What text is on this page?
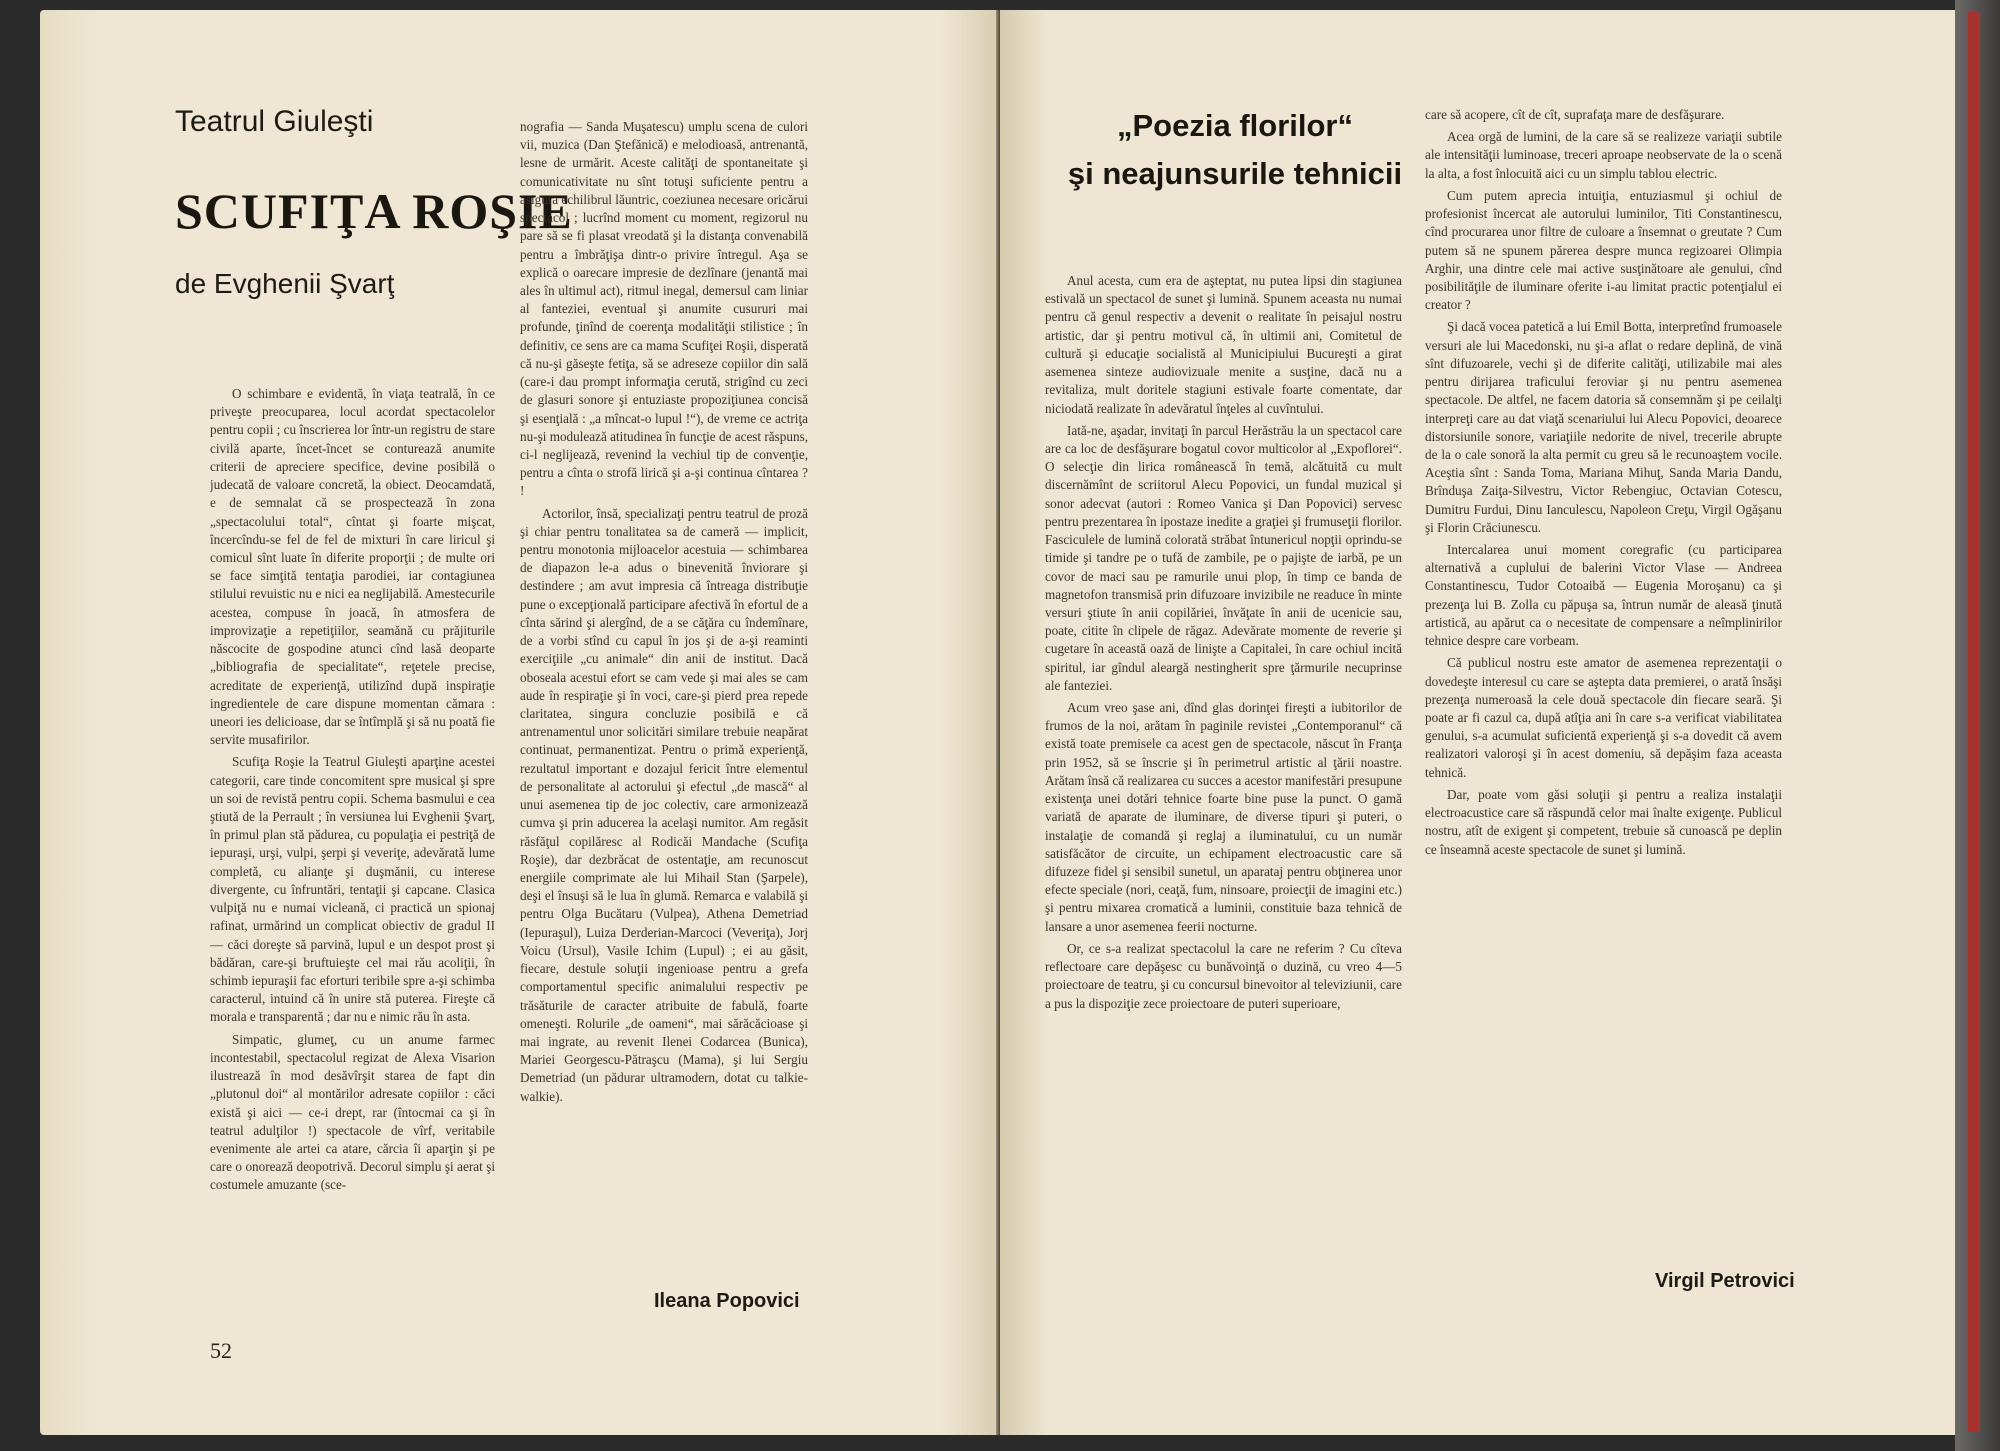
Teatrul Giuleşti
SCUFIŢA ROŞIE
de Evghenii Şvarţ

O schimbare e evidentă, în viaţa teatrală, în ce priveşte preocuparea, locul acordat spectacolelor pentru copii ; cu înscrierea lor într-un registru de stare civilă aparte, încet-încet se conturează anumite criterii de apreciere specifice, devine posibilă o judecată de valoare concretă, la obiect. Deocamdată, e de semnalat că se prospectează în zona „spectacolului total“, cîntat şi foarte mişcat, încercîndu-se fel de fel de mixturi în care liricul şi comicul sînt luate în diferite proporţii ; de multe ori se face simţită tentaţia parodiei, iar contagiunea stilului revuistic nu e nici ea neglijabilă. Amestecurile acestea, compuse în joacă, în atmosfera de improvizaţie a repetiţiilor, seamănă cu prăjiturile născocite de gospodine atunci cînd lasă deoparte „bibliografia de specialitate“, reţetele precise, acreditate de experienţă, utilizînd după inspiraţie ingredientele de care dispune momentan cămara : uneori ies delicioase, dar se întîmplă şi să nu poată fie servite musafirilor.

Scufiţa Roşie la Teatrul Giuleşti aparţine acestei categorii, care tinde concomitent spre musical şi spre un soi de revistă pentru copii. Schema basmului e cea ştiută de la Perrault ; în versiunea lui Evghenii Şvarţ, în primul plan stă pădurea, cu populaţia ei pestriţă de iepuraşi, urşi, vulpi, şerpi şi veveriţe, adevărată lume completă, cu alianţe şi duşmănii, cu interese divergente, cu înfruntări, tentaţii şi capcane. Clasica vulpiţă nu e numai vicleană, ci practică un spionaj rafinat, urmărind un complicat obiectiv de gradul II — căci doreşte să parvină, lupul e un despot prost şi bădăran, care-şi bruftuieşte cel mai rău acoliţii, în schimb iepuraşii fac eforturi teribile spre a-şi schimba caracterul, intuind că în unire stă puterea. Fireşte că morala e transparentă ; dar nu e nimic rău în asta.

Simpatic, glumeţ, cu un anume farmec incontestabil, spectacolul regizat de Alexa Visarion ilustrează în mod desăvîrşit starea de fapt din „plutonul doi“ al montărilor adresate copiilor : căci există şi aici — ce-i drept, rar (întocmai ca şi în teatrul adulţilor !) spectacole de vîrf, veritabile evenimente ale artei ca atare, cărcia îi aparţin şi pe care o onorează deopotrivă. Decorul simplu şi aerat şi costumele amuzante (sce-

nografia — Sanda Muşatescu) umplu scena de culori vii, muzica (Dan Ştefănică) e melodioasă, antrenantă, lesne de urmărit. Aceste calităţi de spontaneitate şi comunicativitate nu sînt totuşi suficiente pentru a asigura echilibrul lăuntric, coeziunea necesare oricărui spectacol ; lucrînd moment cu moment, regizorul nu pare să se fi plasat vreodată şi la distanţa convenabilă pentru a îmbrăţişa dintr-o privire întregul. Aşa se explică o oarecare impresie de dezlînare (jenantă mai ales în ultimul act), ritmul inegal, demersul cam liniar al fanteziei, eventual şi anumite cusururi mai profunde, ţinînd de coerenţa modalităţii stilistice ; în definitiv, ce sens are ca mama Scufiţei Roşii, disperată că nu-şi găseşte fetiţa, să se adreseze copiilor din sală (care-i dau prompt informaţia cerută, strigînd cu zeci de glasuri sonore şi entuziaste propoziţiunea concisă şi esenţială : „a mîncat-o lupul !“), de vreme ce actriţa nu-şi modulează atitudinea în funcţie de acest răspuns, ci-l neglijează, revenind la vechiul tip de convenţie, pentru a cînta o strofă lirică şi a-şi continua cîntarea ? !

Actorilor, însă, specializaţi pentru teatrul de proză şi chiar pentru tonalitatea sa de cameră — implicit, pentru monotonia mijloacelor acestuia — schimbarea de diapazon le-a adus o binevenită înviorare şi destindere ; am avut impresia că întreaga distribuţie pune o excepţională participare afectivă în efortul de a cînta sărind şi alergînd, de a se căţăra cu îndemînare, de a vorbi stînd cu capul în jos şi de a-şi reaminti exerciţiile „cu animale“ din anii de institut. Dacă oboseala acestui efort se cam vede şi mai ales se cam aude în respiraţie şi în voci, care-şi pierd prea repede claritatea, singura concluzie posibilă e că antrenamentul unor solicitări similare trebuie neapărat continuat, permanentizat. Pentru o primă experienţă, rezultatul important e dozajul fericit între elementul de personalitate al actorului şi efectul „de mască“ al unui asemenea tip de joc colectiv, care armonizează cumva şi prin aducerea la acelaşi numitor. Am regăsit răsfăţul copilăresc al Rodicăi Mandache (Scufiţa Roşie), dar dezbrăcat de ostentaţie, am recunoscut energiile comprimate ale lui Mihail Stan (Şarpele), deşi el însuşi să le lua în glumă. Remarca e valabilă şi pentru Olga Bucătaru (Vulpea), Athena Demetriad (Iepuraşul), Luiza Derderian-Marcoci (Veveriţa), Jorj Voicu (Ursul), Vasile Ichim (Lupul) ; ei au găsit, fiecare, destule soluţii ingenioase pentru a grefa comportamentul specific animalului respectiv pe trăsăturile de caracter atribuite de fabulă, foarte omeneşti. Rolurile „de oameni“, mai sărăcăcioase şi mai ingrate, au revenit Ilenei Codarcea (Bunica), Mariei Georgescu-Pătraşcu (Mama), şi lui Sergiu Demetriad (un pădurar ultramodern, dotat cu talkie-walkie).

Ileana Popovici
52
„Poezia florilor“
şi neajunsurile tehnicii

Anul acesta, cum era de aşteptat, nu putea lipsi din stagiunea estivală un spectacol de sunet şi lumină. Spunem aceasta nu numai pentru că genul respectiv a devenit o realitate în peisajul nostru artistic, dar şi pentru motivul că, în ultimii ani, Comitetul de cultură şi educaţie socialistă al Municipiului Bucureşti a girat asemenea sinteze audiovizuale menite a susţine, dacă nu a revitaliza, mult doritele stagiuni estivale foarte comentate, dar niciodată realizate în adevăratul înţeles al cuvîntului.

Iată-ne, aşadar, invitaţi în parcul Herăstrău la un spectacol care are ca loc de desfăşurare bogatul covor multicolor al „Expoflorei“. O selecţie din lirica românească în temă, alcătuită cu mult discernămînt de scriitorul Alecu Popovici, un fundal muzical şi sonor adecvat (autori : Romeo Vanica şi Dan Popovici) servesc pentru prezentarea în ipostaze inedite a graţiei şi frumuseţii florilor. Fasciculele de lumină colorată străbat întunericul nopţii oprindu-se timide şi tandre pe o tufă de zambile, pe o pajişte de iarbă, pe un covor de maci sau pe ramurile unui plop, în timp ce banda de magnetofon transmisă prin difuzoare invizibile ne readuce în minte versuri ştiute în anii copilăriei, învăţate în anii de ucenicie sau, poate, citite în clipele de răgaz. Adevărate momente de reverie şi cugetare în această oază de linişte a Capitalei, în care ochiul incită spiritul, iar gîndul aleargă nestingherit spre ţărmurile necuprinse ale fanteziei.

Acum vreo şase ani, dînd glas dorinţei fireşti a iubitorilor de frumos de la noi, arătam în paginile revistei „Contemporanul“ că există toate premisele ca acest gen de spectacole, născut în Franţa prin 1952, să se înscrie şi în perimetrul artistic al ţării noastre. Arătam însă că realizarea cu succes a acestor manifestări presupune existenţa unei dotări tehnice foarte bine puse la punct. O gamă variată de aparate de iluminare, de diverse tipuri şi puteri, o instalaţie de comandă şi reglaj a iluminatului, cu un număr satisfăcător de circuite, un echipament electroacustic care să difuzeze fidel şi sensibil sunetul, un aparataj pentru obţinerea unor efecte speciale (nori, ceaţă, fum, ninsoare, proiecţii de imagini etc.) şi pentru mixarea cromatică a luminii, constituie baza tehnică de lansare a unor asemenea feerii nocturne.

Or, ce s-a realizat spectacolul la care ne referim ? Cu cîteva reflectoare care depăşesc cu bunăvoinţă o duzină, cu vreo 4—5 proiectoare de teatru, şi cu concursul binevoitor al televiziunii, care a pus la dispoziţie zece proiectoare de puteri superioare,

care să acopere, cît de cît, suprafaţa mare de desfăşurare.

Acea orgă de lumini, de la care să se realizeze variaţii subtile ale intensităţii luminoase, treceri aproape neobservate de la o scenă la alta, a fost înlocuită aici cu un simplu tablou electric.

Cum putem aprecia intuiţia, entuziasmul şi ochiul de profesionist încercat ale autorului luminilor, Titi Constantinescu, cînd procurarea unor filtre de culoare a însemnat o greutate ? Cum putem să ne spunem părerea despre munca regizoarei Olimpia Arghir, una dintre cele mai active susţinătoare ale genului, cînd posibilităţile de iluminare oferite i-au limitat practic potenţialul ei creator ?

Şi dacă vocea patetică a lui Emil Botta, interpretînd frumoasele versuri ale lui Macedonski, nu şi-a aflat o redare deplină, de vină sînt difuzoarele, vechi şi de diferite calităţi, utilizabile mai ales pentru dirijarea traficului feroviar şi nu pentru asemenea spectacole. De altfel, ne facem datoria să consemnăm şi pe ceilalţi interpreţi care au dat viaţă scenariului lui Alecu Popovici, deoarece distorsiunile sonore, variaţiile nedorite de nivel, trecerile abrupte de la o cale sonoră la alta permit cu greu să le recunoaştem vocile. Aceştia sînt : Sanda Toma, Mariana Mihuţ, Sanda Maria Dandu, Brînduşa Zaiţa-Silvestru, Victor Rebengiuc, Octavian Cotescu, Dumitru Furdui, Dinu Ianculescu, Napoleon Creţu, Virgil Ogăşanu şi Florin Crăciunescu.

Intercalarea unui moment coregrafic (cu participarea alternativă a cuplului de balerini Victor Vlase — Andreea Constantinescu, Tudor Cotoaibă — Eugenia Moroşanu) ca şi prezenţa lui B. Zolla cu păpuşa sa, întrun număr de aleasă ţinută artistică, au apărut ca o necesitate de compensare a neîmplinirilor tehnice despre care vorbeam.

Că publicul nostru este amator de asemenea reprezentaţii o dovedeşte interesul cu care se aştepta data premierei, o arată însăşi prezenţa numeroasă la cele două spectacole din fiecare seară. Şi poate ar fi cazul ca, după atîţia ani în care s-a verificat viabilitatea genului, s-a acumulat suficientă experienţă şi s-a dovedit că avem realizatori valoroşi şi în acest domeniu, să depăşim faza aceasta tehnică.

Dar, poate vom găsi soluţii şi pentru a realiza instalaţii electroacustice care să răspundă celor mai înalte exigenţe. Publicul nostru, atît de exigent şi competent, trebuie să cunoască pe deplin ce înseamnă aceste spectacole de sunet şi lumină.

Virgil Petrovici
